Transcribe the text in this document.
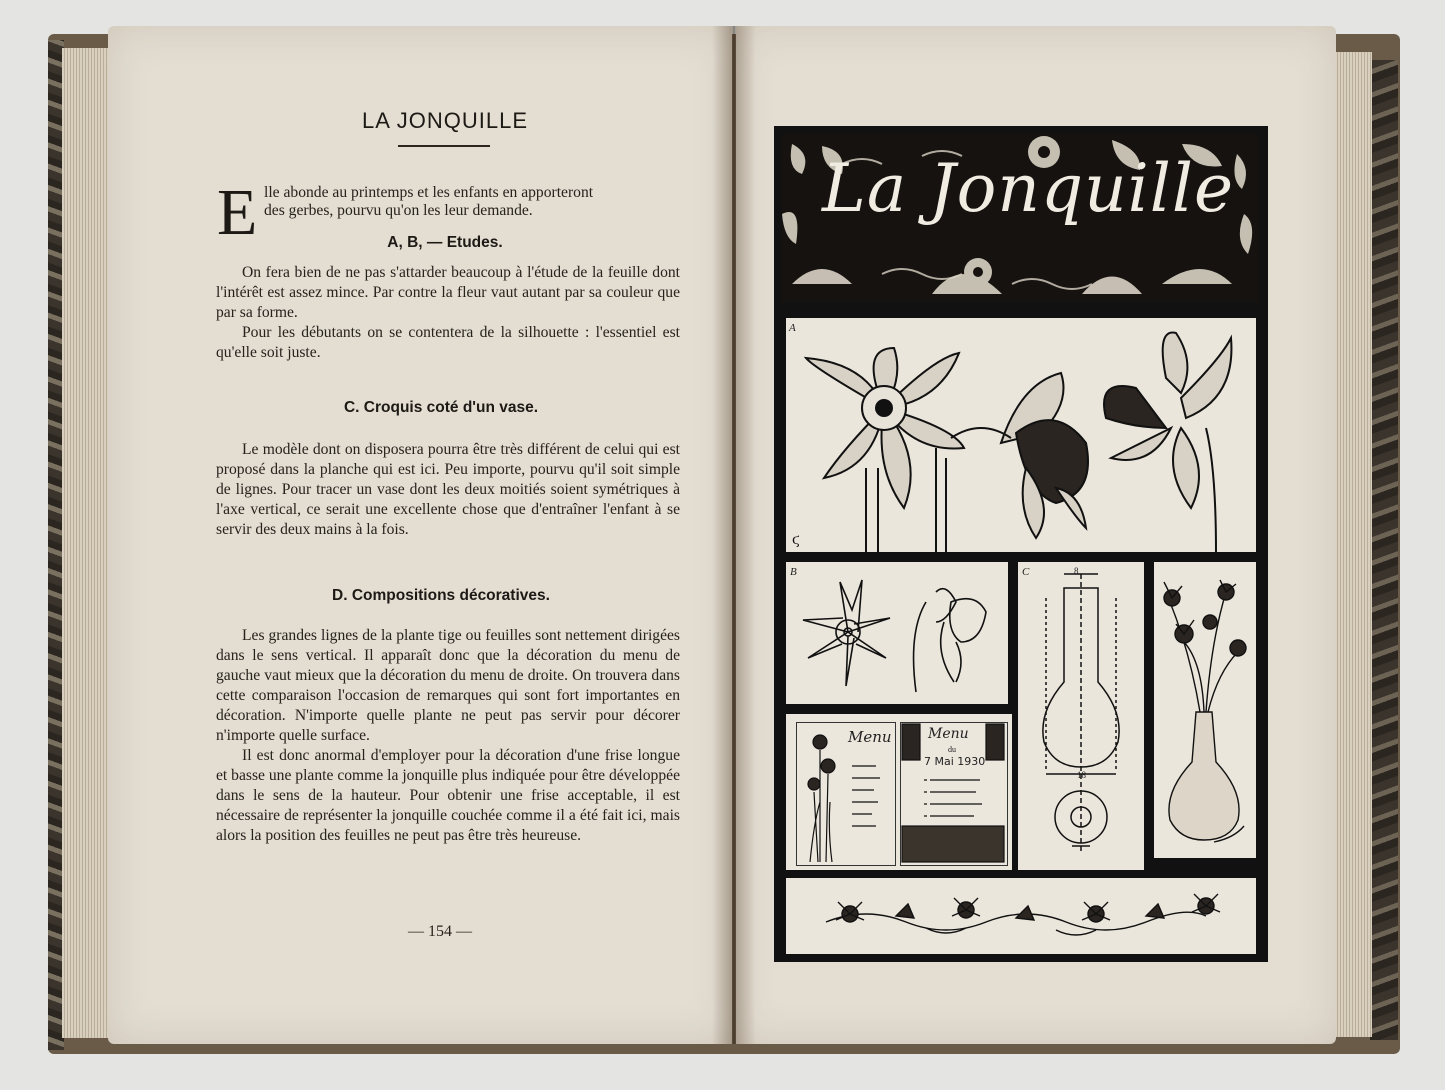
LA JONQUILLE
E lle abonde au printemps et les enfants en apporteront

des gerbes, pourvu qu'on les leur demande.

A, B, — Etudes.

On fera bien de ne pas s'attarder beaucoup à l'étude de la feuille dont l'intérêt est assez mince. Par contre la fleur vaut autant par sa couleur que par sa forme.

Pour les débutants on se contentera de la silhouette : l'essentiel est qu'elle soit juste.

C. Croquis coté d'un vase.

Le modèle dont on disposera pourra être très différent de celui qui est proposé dans la planche qui est ici. Peu importe, pourvu qu'il soit simple de lignes. Pour tracer un vase dont les deux moitiés soient symétriques à l'axe vertical, ce serait une excellente chose que d'entraîner l'enfant à se servir des deux mains à la fois.

D. Compositions décoratives.

Les grandes lignes de la plante tige ou feuilles sont nettement dirigées dans le sens vertical. Il apparaît donc que la décoration du menu de gauche vaut mieux que la décoration du menu de droite. On trouvera dans cette comparaison l'occasion de remarques qui sont fort importantes en décoration. N'importe quelle plante ne peut pas servir pour décorer n'importe quelle surface.

Il est donc anormal d'employer pour la décoration d'une frise longue et basse une plante comme la jonquille plus indiquée pour être développée dans le sens de la hauteur. Pour obtenir une frise acceptable, il est nécessaire de représenter la jonquille couchée comme il a été fait ici, mais alors la position des feuilles ne peut pas être très heureuse.

— 154 —
La Jonquille
A
ϛ
B	C	8
18
Menu	Menu
du
7 Mai 1930
